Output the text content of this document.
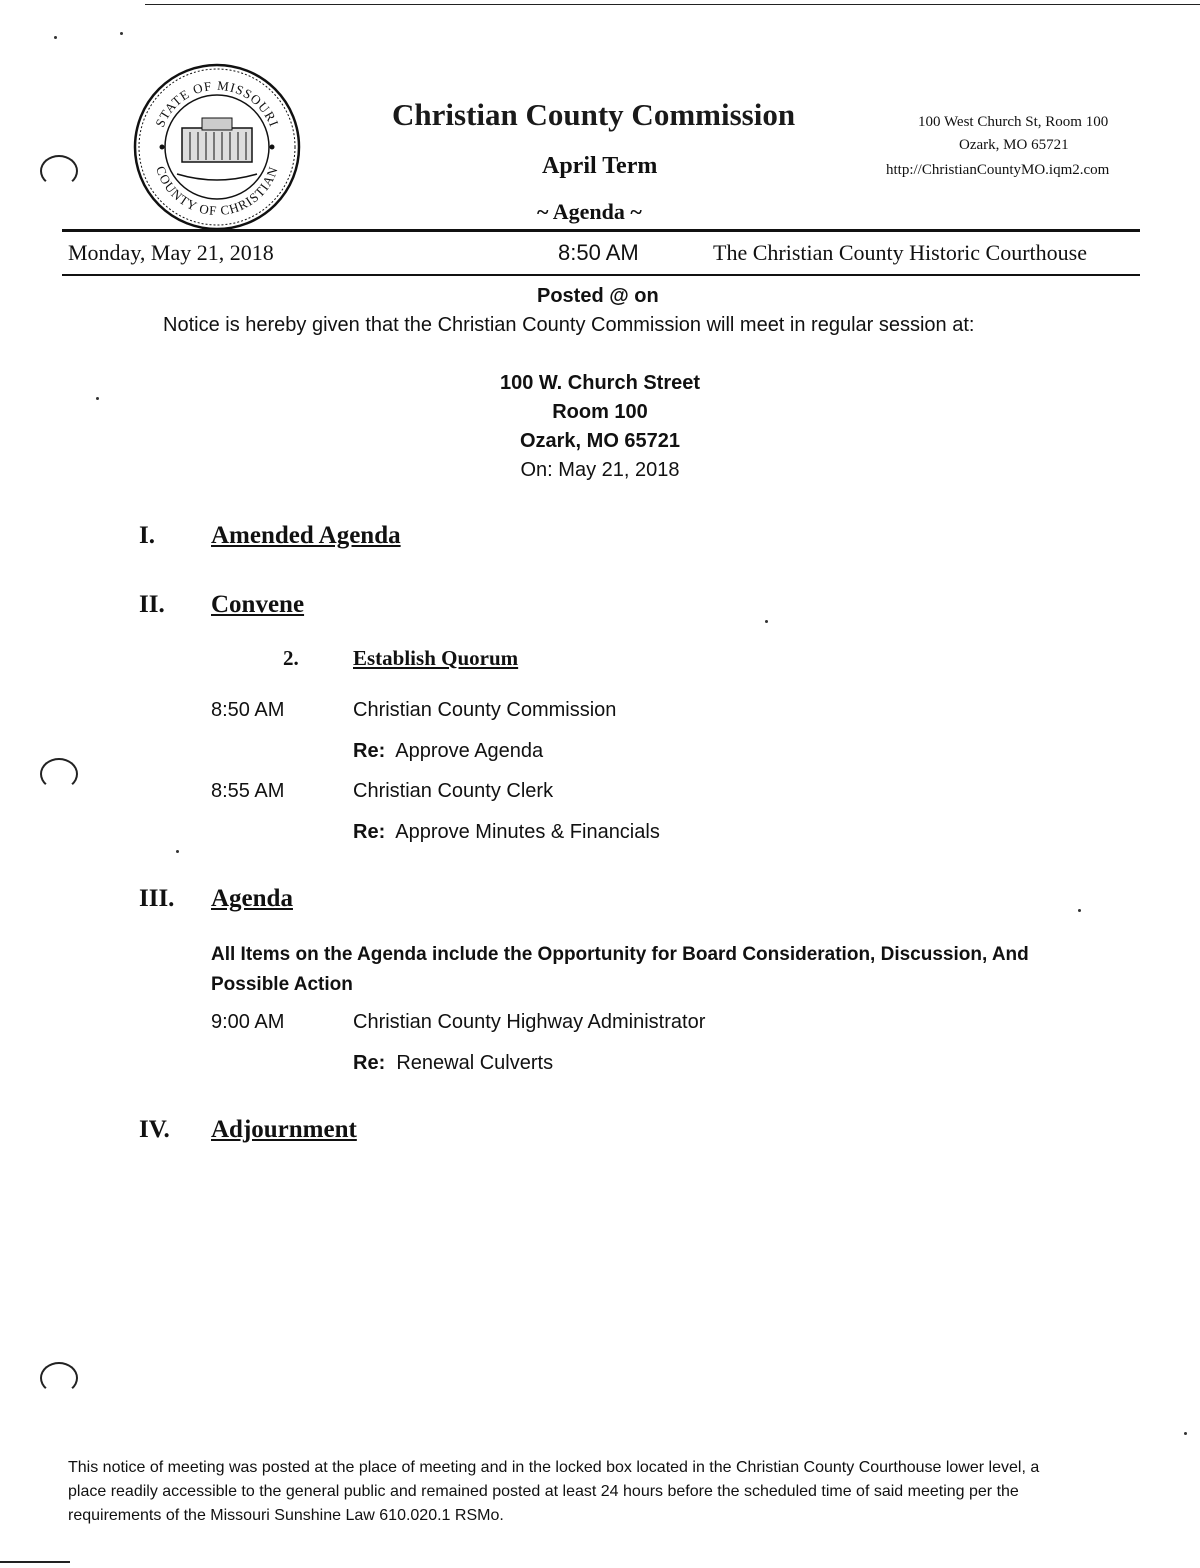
STATE OF MISSOURI
COUNTY OF CHRISTIAN
Christian County Commission
April Term
~ Agenda ~
100 West Church St, Room 100
Ozark, MO 65721
http://ChristianCountyMO.iqm2.com
Monday, May 21, 2018	8:50 AM	The Christian County Historic Courthouse
Posted @ on
Notice is hereby given that the Christian County Commission will meet in regular session at:
100 W. Church Street
Room 100
Ozark, MO 65721
On: May 21, 2018
I. Amended Agenda
II. Convene
2.	Establish Quorum
8:50 AM	Christian County Commission
Re: Approve Agenda
8:55 AM	Christian County Clerk
Re: Approve Minutes & Financials
III. Agenda
All Items on the Agenda include the Opportunity for Board Consideration, Discussion, And Possible Action
9:00 AM	Christian County Highway Administrator
Re: Renewal Culverts
IV. Adjournment
This notice of meeting was posted at the place of meeting and in the locked box located in the Christian County Courthouse lower level, a place readily accessible to the general public and remained posted at least 24 hours before the scheduled time of said meeting per the requirements of the Missouri Sunshine Law 610.020.1 RSMo.
